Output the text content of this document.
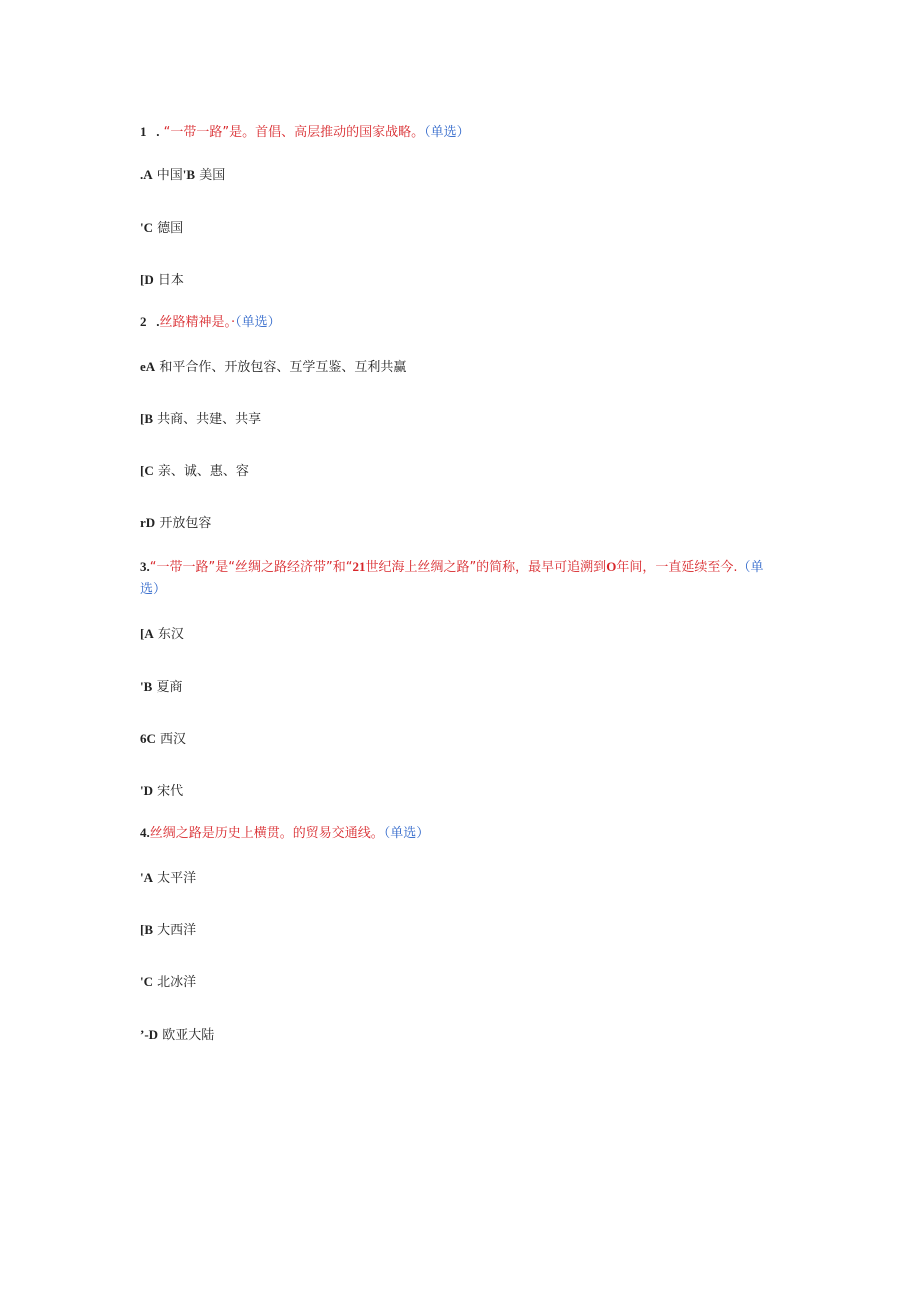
1   . “一带一路”是。首倡、高层推动的国家战略。（单选）
.A 中国'B 美国
'C 德国
[D 日本
2   .丝路精神是。·（单选）
eA 和平合作、开放包容、互学互鉴、互利共赢
[B 共商、共建、共享
[C 亲、诚、惠、容
rD 开放包容
3.“一带一路”是“丝绸之路经济带”和“21世纪海上丝绸之路”的简称，最早可追溯到O年间，一直延续至今.（单选）
[A 东汉
'B 夏商
6C 西汉
'D 宋代
4.丝绸之路是历史上横贯。的贸易交通线。（单选）
'A 太平洋
[B 大西洋
'C 北冰洋
’-D 欧亚大陆
